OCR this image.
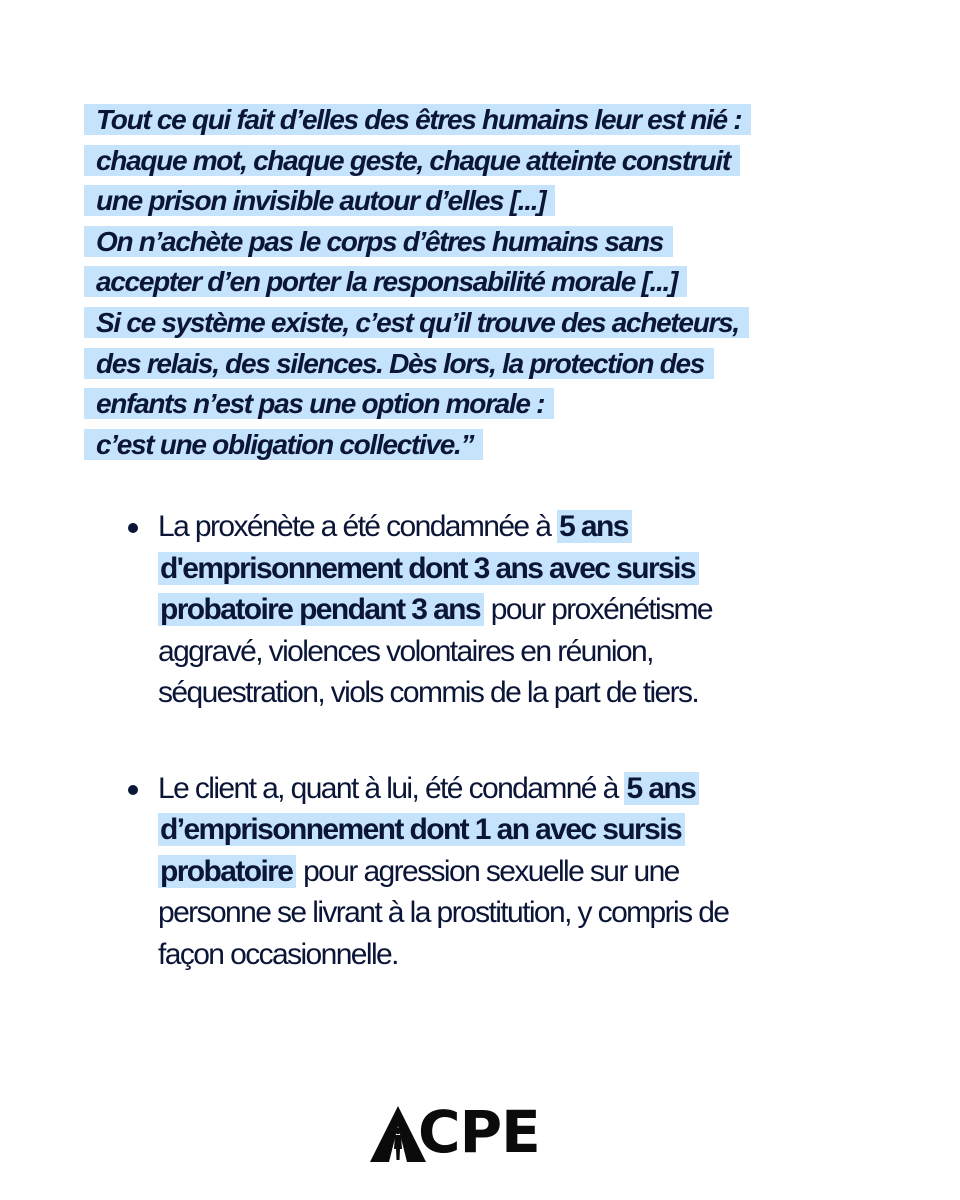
Tout ce qui fait d’elles des êtres humains leur est nié :
chaque mot, chaque geste, chaque atteinte construit
une prison invisible autour d’elles [...]
On n’achète pas le corps d’êtres humains sans
accepter d’en porter la responsabilité morale [...]
Si ce système existe, c’est qu’il trouve des acheteurs,
des relais, des silences. Dès lors, la protection des
enfants n’est pas une option morale :
c’est une obligation collective.”
La proxénète a été condamnée à 5 ans
d'emprisonnement dont 3 ans avec sursis
probatoire pendant 3 ans pour proxénétisme
aggravé, violences volontaires en réunion,
séquestration, viols commis de la part de tiers.
Le client a, quant à lui, été condamné à 5 ans
d’emprisonnement dont 1 an avec sursis
probatoire pour agression sexuelle sur une
personne se livrant à la prostitution, y compris de
façon occasionnelle.
CPE
